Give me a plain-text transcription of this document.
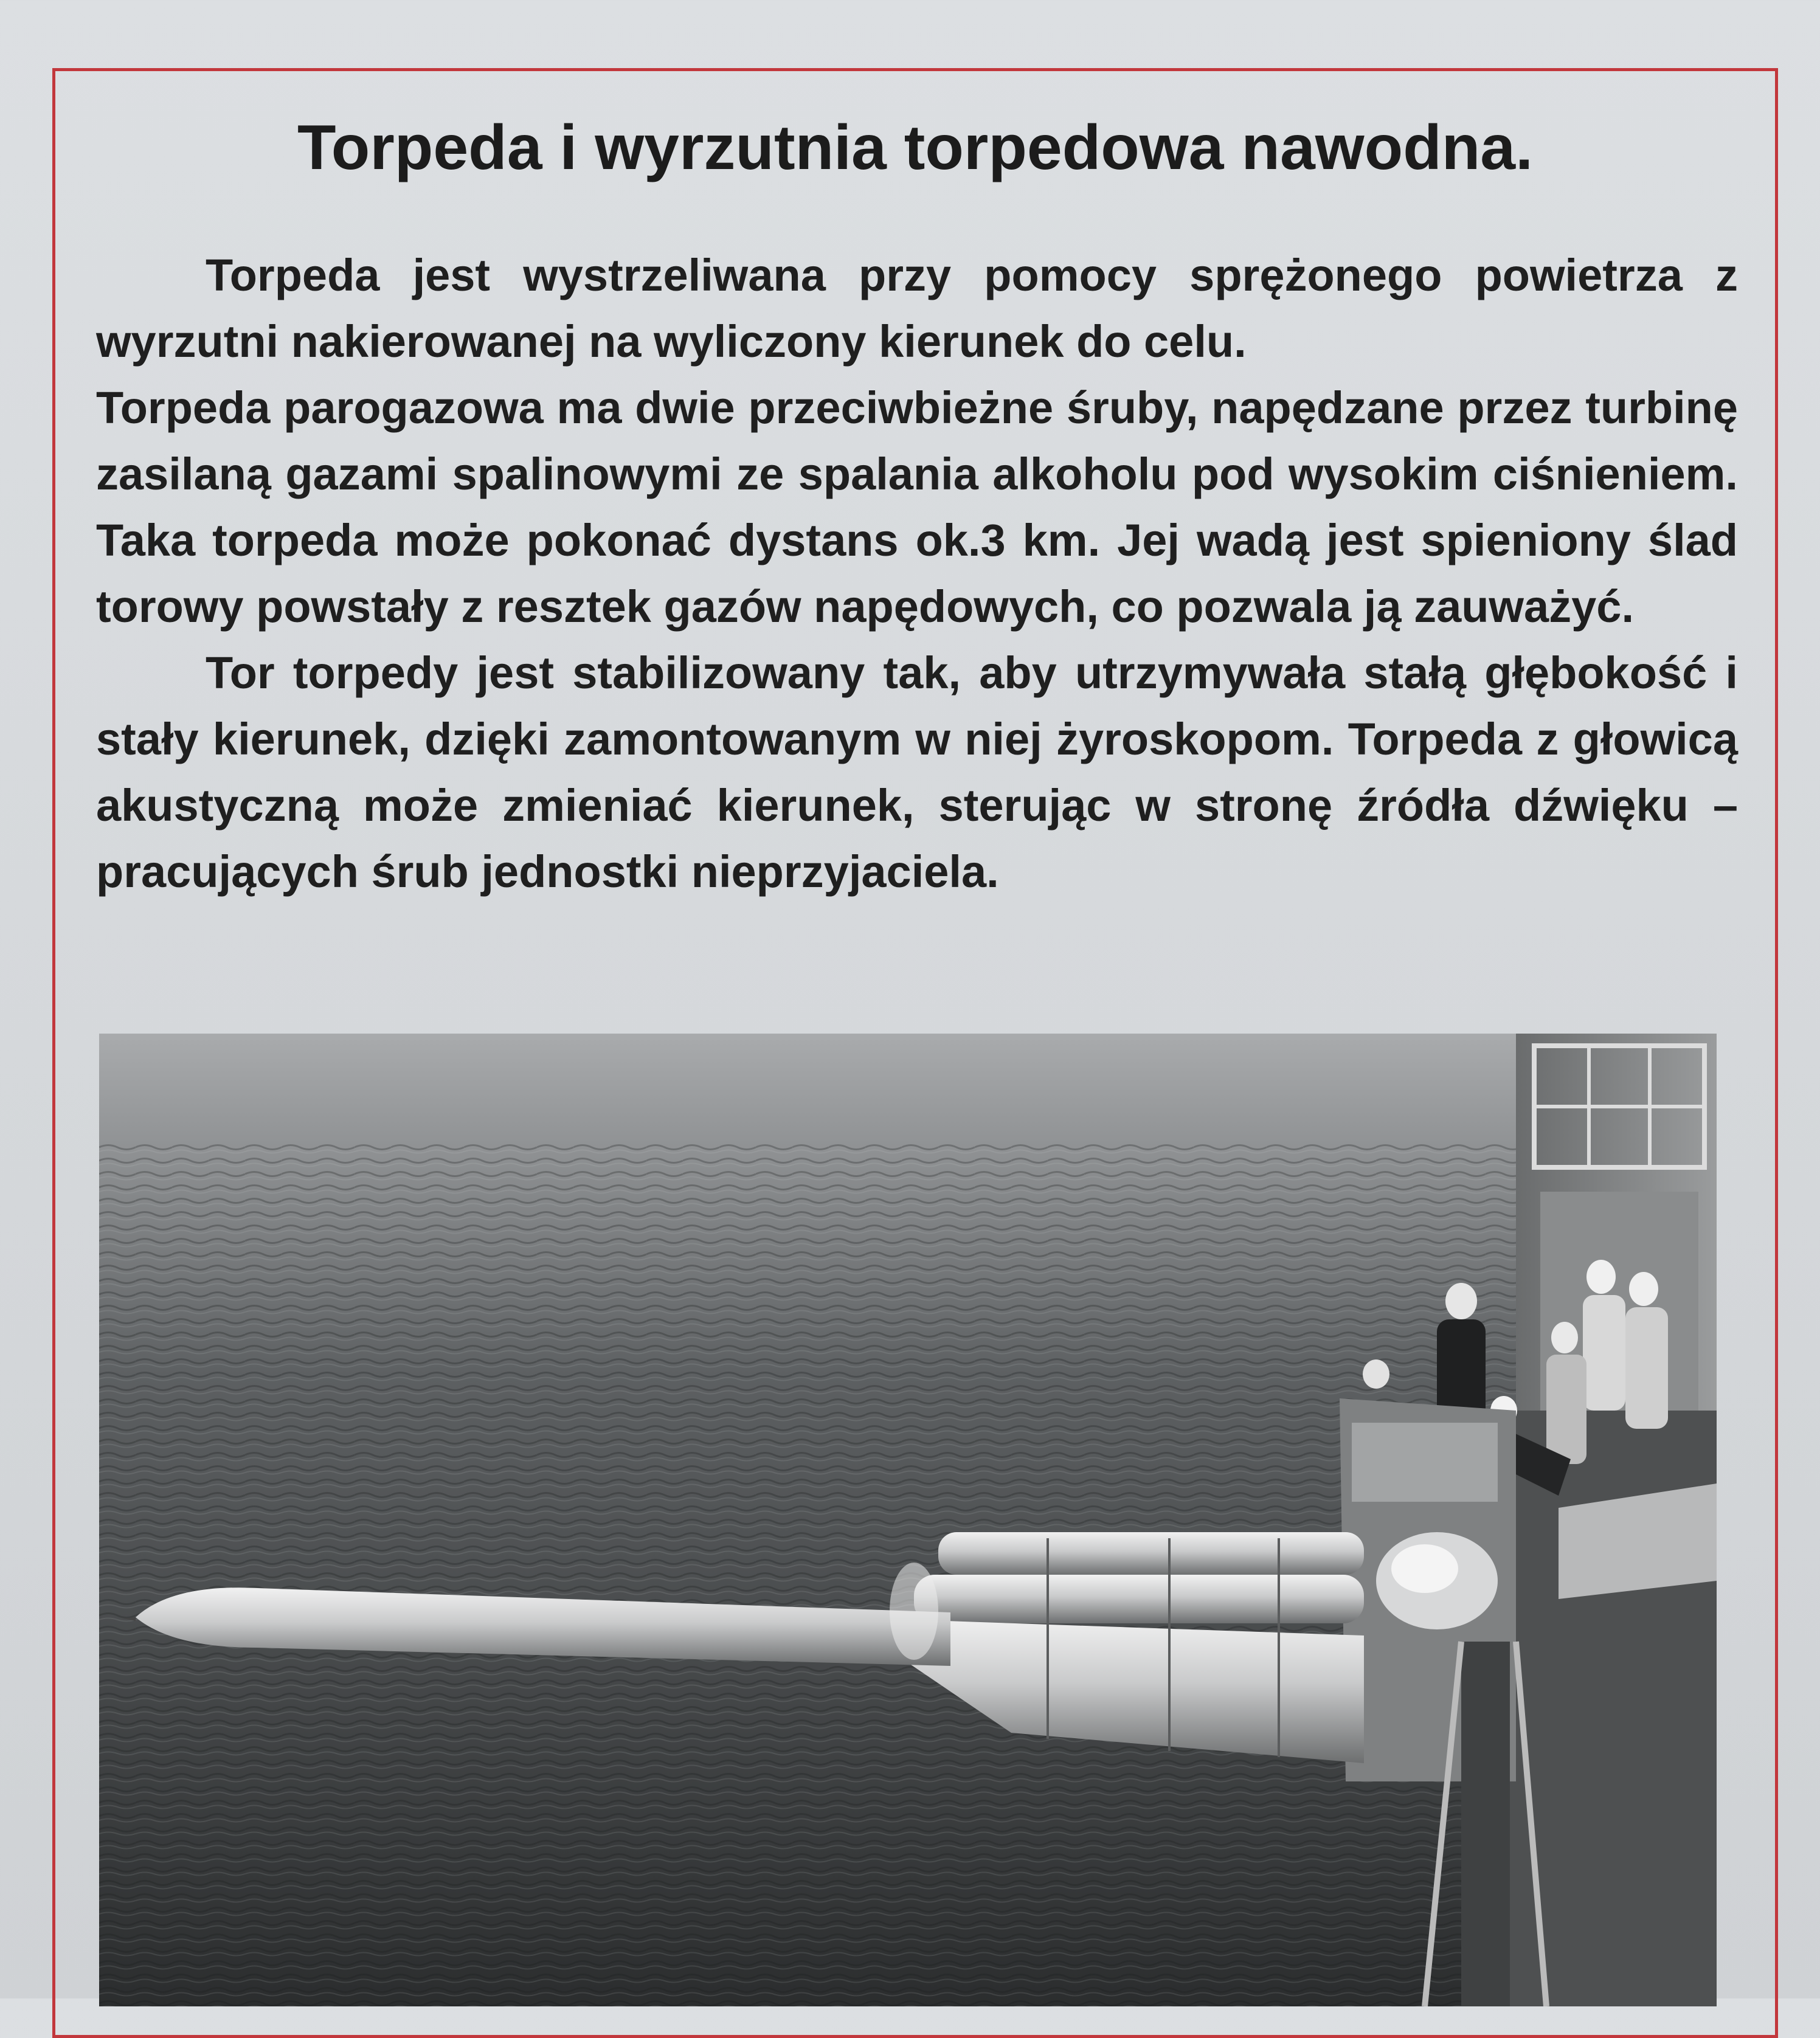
Torpeda i wyrzutnia torpedowa nawodna.

Torpeda jest wystrzeliwana przy pomocy sprężonego powietrza z wyrzutni nakierowanej na wyliczony kierunek do celu.

Torpeda parogazowa ma dwie przeciwbieżne śruby, napędzane przez turbinę zasilaną gazami spalinowymi ze spalania alkoholu pod wysokim ciśnieniem. Taka torpeda może pokonać dystans ok.3 km. Jej wadą jest spieniony ślad torowy powstały z resztek gazów napędowych, co pozwala ją zauważyć.

Tor torpedy jest stabilizowany tak, aby utrzymywała stałą głębokość i stały kierunek, dzięki zamontowanym w niej żyroskopom. Torpeda z głowicą akustyczną może zmieniać kierunek, sterując w stronę źródła dźwięku – pracujących śrub jednostki nieprzyjaciela.
